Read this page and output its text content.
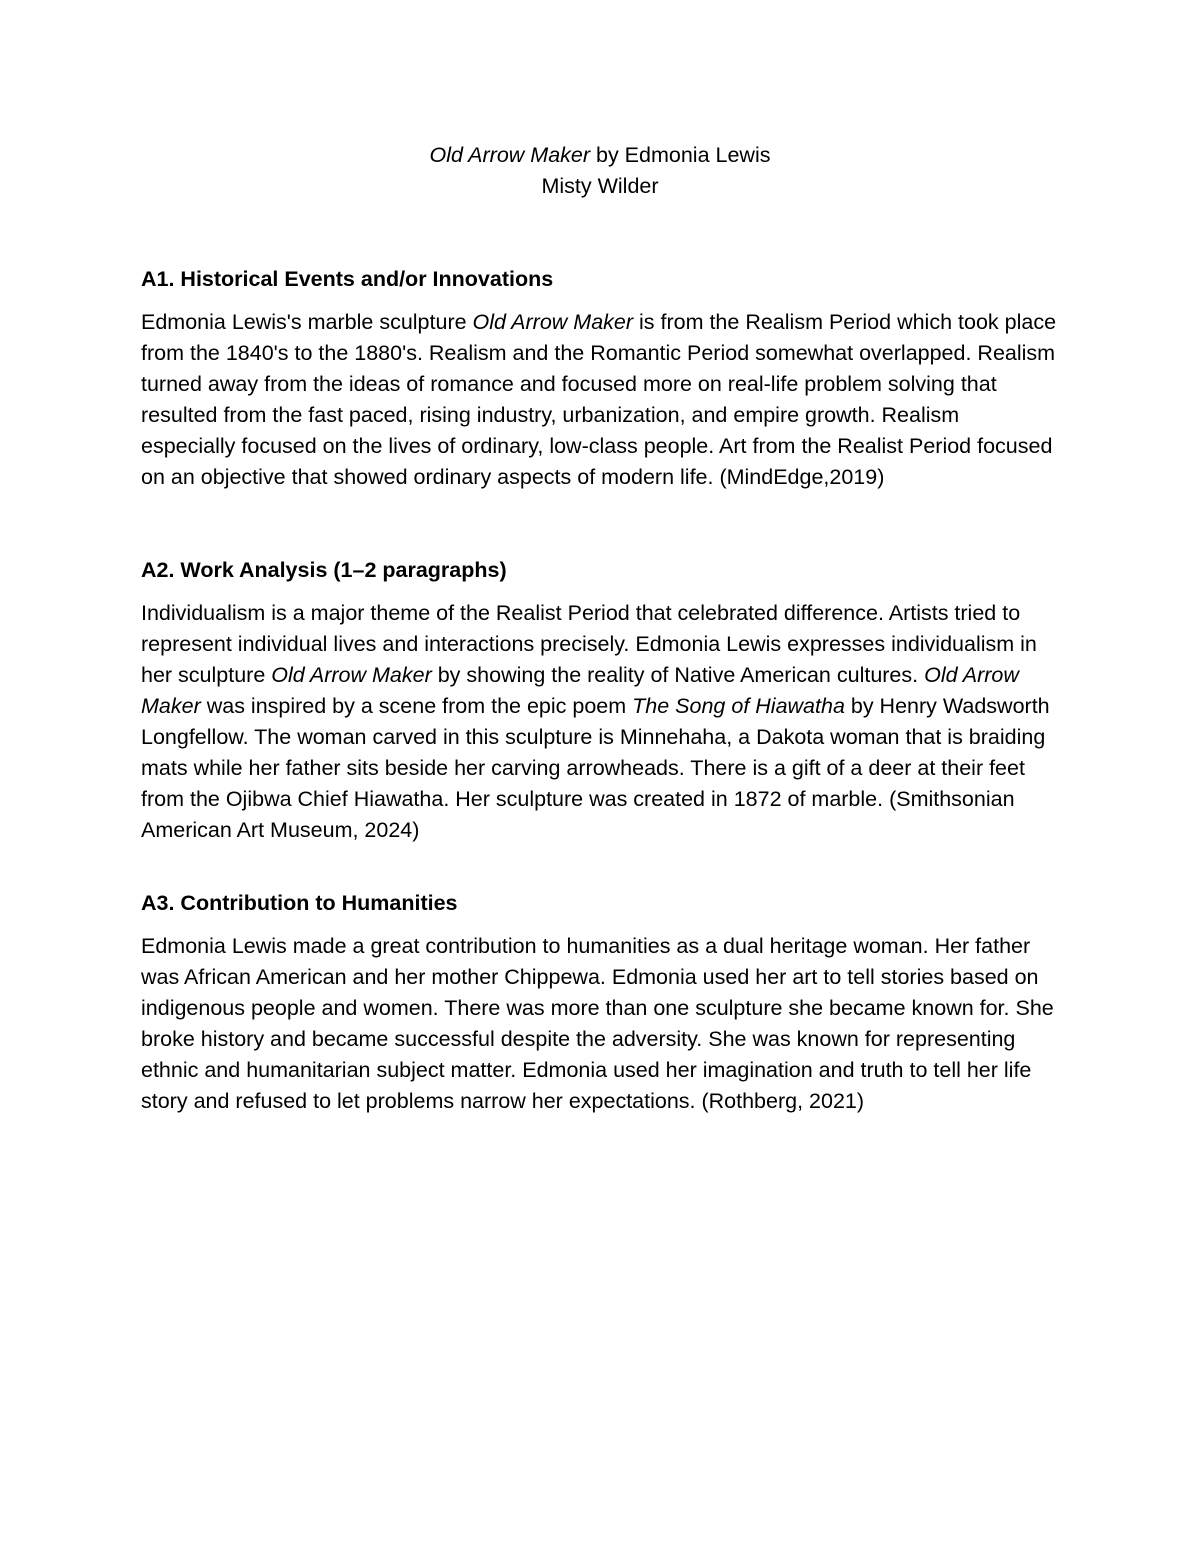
Old Arrow Maker by Edmonia Lewis
Misty Wilder
A1. Historical Events and/or Innovations

Edmonia Lewis's marble sculpture Old Arrow Maker is from the Realism Period which took place from the 1840's to the 1880's. Realism and the Romantic Period somewhat overlapped. Realism turned away from the ideas of romance and focused more on real-life problem solving that resulted from the fast paced, rising industry, urbanization, and empire growth. Realism especially focused on the lives of ordinary, low-class people. Art from the Realist Period focused on an objective that showed ordinary aspects of modern life. (MindEdge,2019)

A2. Work Analysis (1–2 paragraphs)

Individualism is a major theme of the Realist Period that celebrated difference. Artists tried to represent individual lives and interactions precisely. Edmonia Lewis expresses individualism in her sculpture Old Arrow Maker by showing the reality of Native American cultures. Old Arrow Maker was inspired by a scene from the epic poem The Song of Hiawatha by Henry Wadsworth Longfellow. The woman carved in this sculpture is Minnehaha, a Dakota woman that is braiding mats while her father sits beside her carving arrowheads. There is a gift of a deer at their feet from the Ojibwa Chief Hiawatha. Her sculpture was created in 1872 of marble. (Smithsonian American Art Museum, 2024)

A3. Contribution to Humanities

Edmonia Lewis made a great contribution to humanities as a dual heritage woman. Her father was African American and her mother Chippewa. Edmonia used her art to tell stories based on indigenous people and women. There was more than one sculpture she became known for. She broke history and became successful despite the adversity. She was known for representing ethnic and humanitarian subject matter. Edmonia used her imagination and truth to tell her life story and refused to let problems narrow her expectations. (Rothberg, 2021)
